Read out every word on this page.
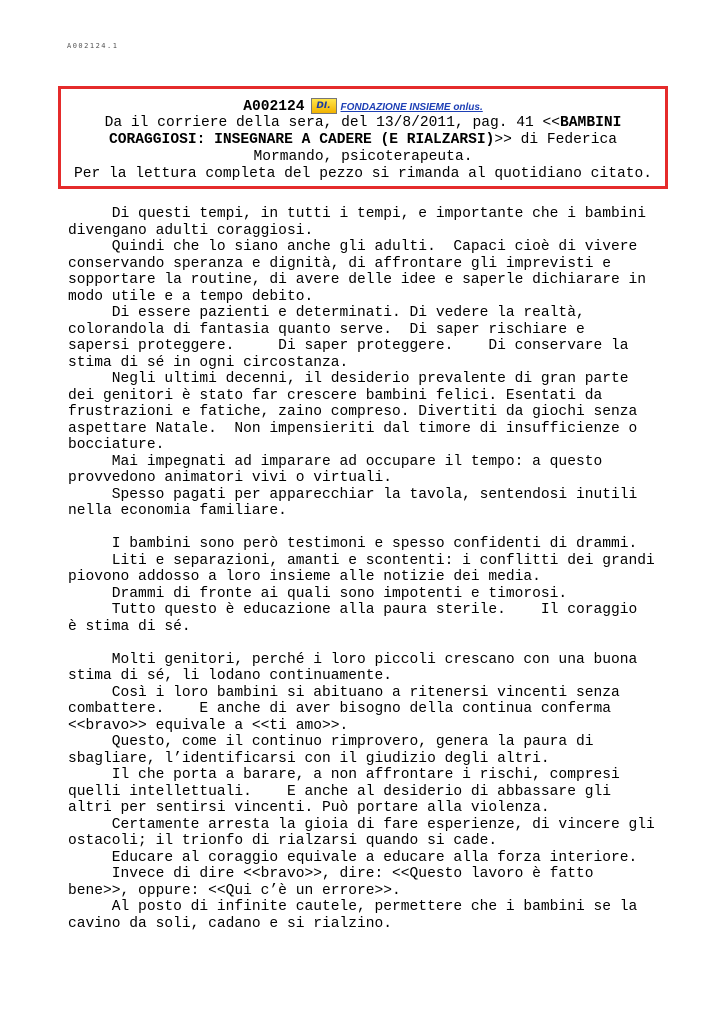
A002124.1
A002124	DI. FONDAZIONE INSIEME onlus.
Da il corriere della sera, del 13/8/2011, pag. 41 <<BAMBINI
CORAGGIOSI: INSEGNARE A CADERE (E RIALZARSI)>> di Federica
Mormando, psicoterapeuta.
Per la lettura completa del pezzo si rimanda al quotidiano citato.
Di questi tempi, in tutti i tempi, e importante che i bambini
divengano adulti coraggiosi.
Quindi che lo siano anche gli adulti.  Capaci cioè di vivere
conservando speranza e dignità, di affrontare gli imprevisti e
sopportare la routine, di avere delle idee e saperle dichiarare in
modo utile e a tempo debito.
Di essere pazienti e determinati. Di vedere la realtà,
colorandola di fantasia quanto serve.  Di saper rischiare e
sapersi proteggere.     Di saper proteggere.    Di conservare la
stima di sé in ogni circostanza.
Negli ultimi decenni, il desiderio prevalente di gran parte
dei genitori è stato far crescere bambini felici. Esentati da
frustrazioni e fatiche, zaino compreso. Divertiti da giochi senza
aspettare Natale.  Non impensieriti dal timore di insufficienze o
bocciature.
Mai impegnati ad imparare ad occupare il tempo: a questo
provvedono animatori vivi o virtuali.
Spesso pagati per apparecchiar la tavola, sentendosi inutili
nella economia familiare.
I bambini sono però testimoni e spesso confidenti di drammi.
Liti e separazioni, amanti e scontenti: i conflitti dei grandi
piovono addosso a loro insieme alle notizie dei media.
Drammi di fronte ai quali sono impotenti e timorosi.
Tutto questo è educazione alla paura sterile.    Il coraggio
è stima di sé.
Molti genitori, perché i loro piccoli crescano con una buona
stima di sé, li lodano continuamente.
Così i loro bambini si abituano a ritenersi vincenti senza
combattere.    E anche di aver bisogno della continua conferma
<<bravo>> equivale a <<ti amo>>.
Questo, come il continuo rimprovero, genera la paura di
sbagliare, l’identificarsi con il giudizio degli altri.
Il che porta a barare, a non affrontare i rischi, compresi
quelli intellettuali.    E anche al desiderio di abbassare gli
altri per sentirsi vincenti. Può portare alla violenza.
Certamente arresta la gioia di fare esperienze, di vincere gli
ostacoli; il trionfo di rialzarsi quando si cade.
Educare al coraggio equivale a educare alla forza interiore.
Invece di dire <<bravo>>, dire: <<Questo lavoro è fatto
bene>>, oppure: <<Qui c’è un errore>>.
Al posto di infinite cautele, permettere che i bambini se la
cavino da soli, cadano e si rialzino.
